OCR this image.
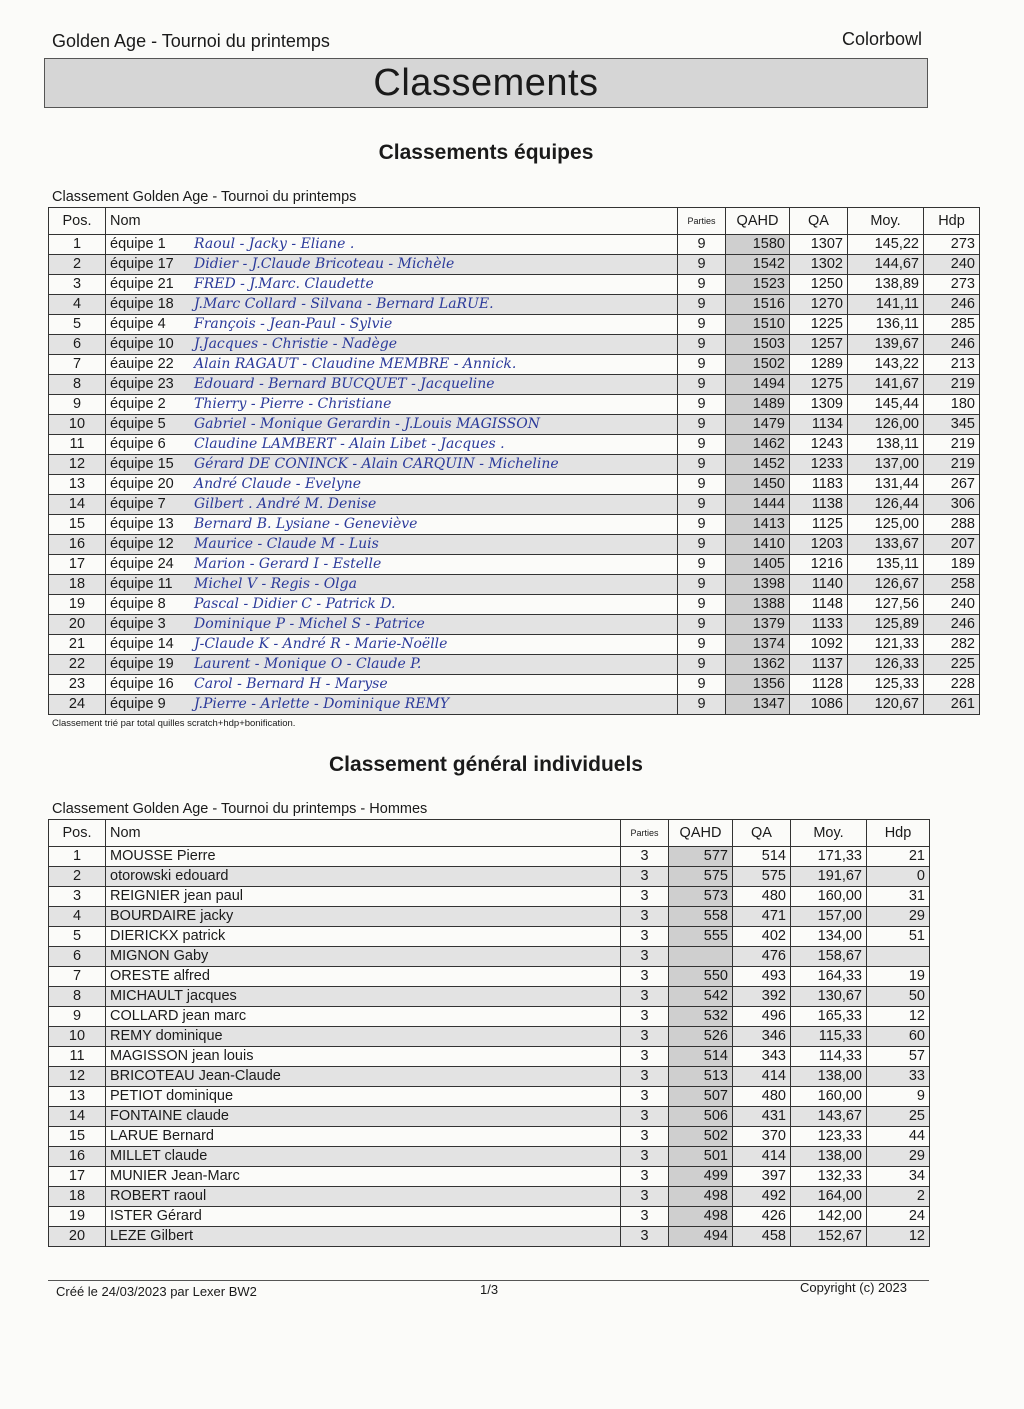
Golden Age - Tournoi du printemps	Colorbowl
Classements
Classements équipes
Classement Golden Age - Tournoi du printemps
Pos.	Nom	Parties	QAHD	QA	Moy.	Hdp
1	équipe 1 Raoul - Jacky - Eliane .	9	1580	1307	145,22	273
2	équipe 17 Didier - J.Claude Bricoteau - Michèle	9	1542	1302	144,67	240
3	équipe 21 FRED - J.Marc. Claudette	9	1523	1250	138,89	273
4	équipe 18 J.Marc Collard - Silvana - Bernard LaRUE.	9	1516	1270	141,11	246
5	équipe 4 François - Jean-Paul - Sylvie	9	1510	1225	136,11	285
6	équipe 10 J.Jacques - Christie - Nadège	9	1503	1257	139,67	246
7	éauipe 22 Alain RAGAUT - Claudine MEMBRE - Annick.	9	1502	1289	143,22	213
8	équipe 23 Edouard - Bernard BUCQUET - Jacqueline	9	1494	1275	141,67	219
9	équipe 2 Thierry - Pierre - Christiane	9	1489	1309	145,44	180
10	équipe 5 Gabriel - Monique Gerardin - J.Louis MAGISSON	9	1479	1134	126,00	345
11	équipe 6 Claudine LAMBERT - Alain Libet - Jacques .	9	1462	1243	138,11	219
12	équipe 15 Gérard DE CONINCK - Alain CARQUIN - Micheline	9	1452	1233	137,00	219
13	équipe 20 André Claude - Evelyne	9	1450	1183	131,44	267
14	équipe 7 Gilbert . André M. Denise	9	1444	1138	126,44	306
15	équipe 13 Bernard B. Lysiane - Geneviève	9	1413	1125	125,00	288
16	équipe 12 Maurice - Claude M - Luis	9	1410	1203	133,67	207
17	équipe 24 Marion - Gerard I - Estelle	9	1405	1216	135,11	189
18	équipe 11 Michel V - Regis - Olga	9	1398	1140	126,67	258
19	équipe 8 Pascal - Didier C - Patrick D.	9	1388	1148	127,56	240
20	équipe 3 Dominique P - Michel S - Patrice	9	1379	1133	125,89	246
21	équipe 14 J-Claude K - André R - Marie-Noëlle	9	1374	1092	121,33	282
22	équipe 19 Laurent - Monique O - Claude P.	9	1362	1137	126,33	225
23	équipe 16 Carol - Bernard H - Maryse	9	1356	1128	125,33	228
24	équipe 9 J.Pierre - Arlette - Dominique REMY	9	1347	1086	120,67	261
Classement trié par total quilles scratch+hdp+bonification.
Classement général individuels
Classement Golden Age - Tournoi du printemps - Hommes
Pos.	Nom	Parties	QAHD	QA	Moy.	Hdp
1	MOUSSE Pierre	3	577	514	171,33	21
2	otorowski edouard	3	575	575	191,67	0
3	REIGNIER jean paul	3	573	480	160,00	31
4	BOURDAIRE jacky	3	558	471	157,00	29
5	DIERICKX patrick	3	555	402	134,00	51
6	MIGNON Gaby	3		476	158,67	
7	ORESTE alfred	3	550	493	164,33	19
8	MICHAULT jacques	3	542	392	130,67	50
9	COLLARD jean marc	3	532	496	165,33	12
10	REMY dominique	3	526	346	115,33	60
11	MAGISSON jean louis	3	514	343	114,33	57
12	BRICOTEAU Jean-Claude	3	513	414	138,00	33
13	PETIOT dominique	3	507	480	160,00	9
14	FONTAINE claude	3	506	431	143,67	25
15	LARUE Bernard	3	502	370	123,33	44
16	MILLET claude	3	501	414	138,00	29
17	MUNIER Jean-Marc	3	499	397	132,33	34
18	ROBERT raoul	3	498	492	164,00	2
19	ISTER Gérard	3	498	426	142,00	24
20	LEZE Gilbert	3	494	458	152,67	12
Créé le 24/03/2023 par Lexer BW2	1/3	Copyright (c) 2023
